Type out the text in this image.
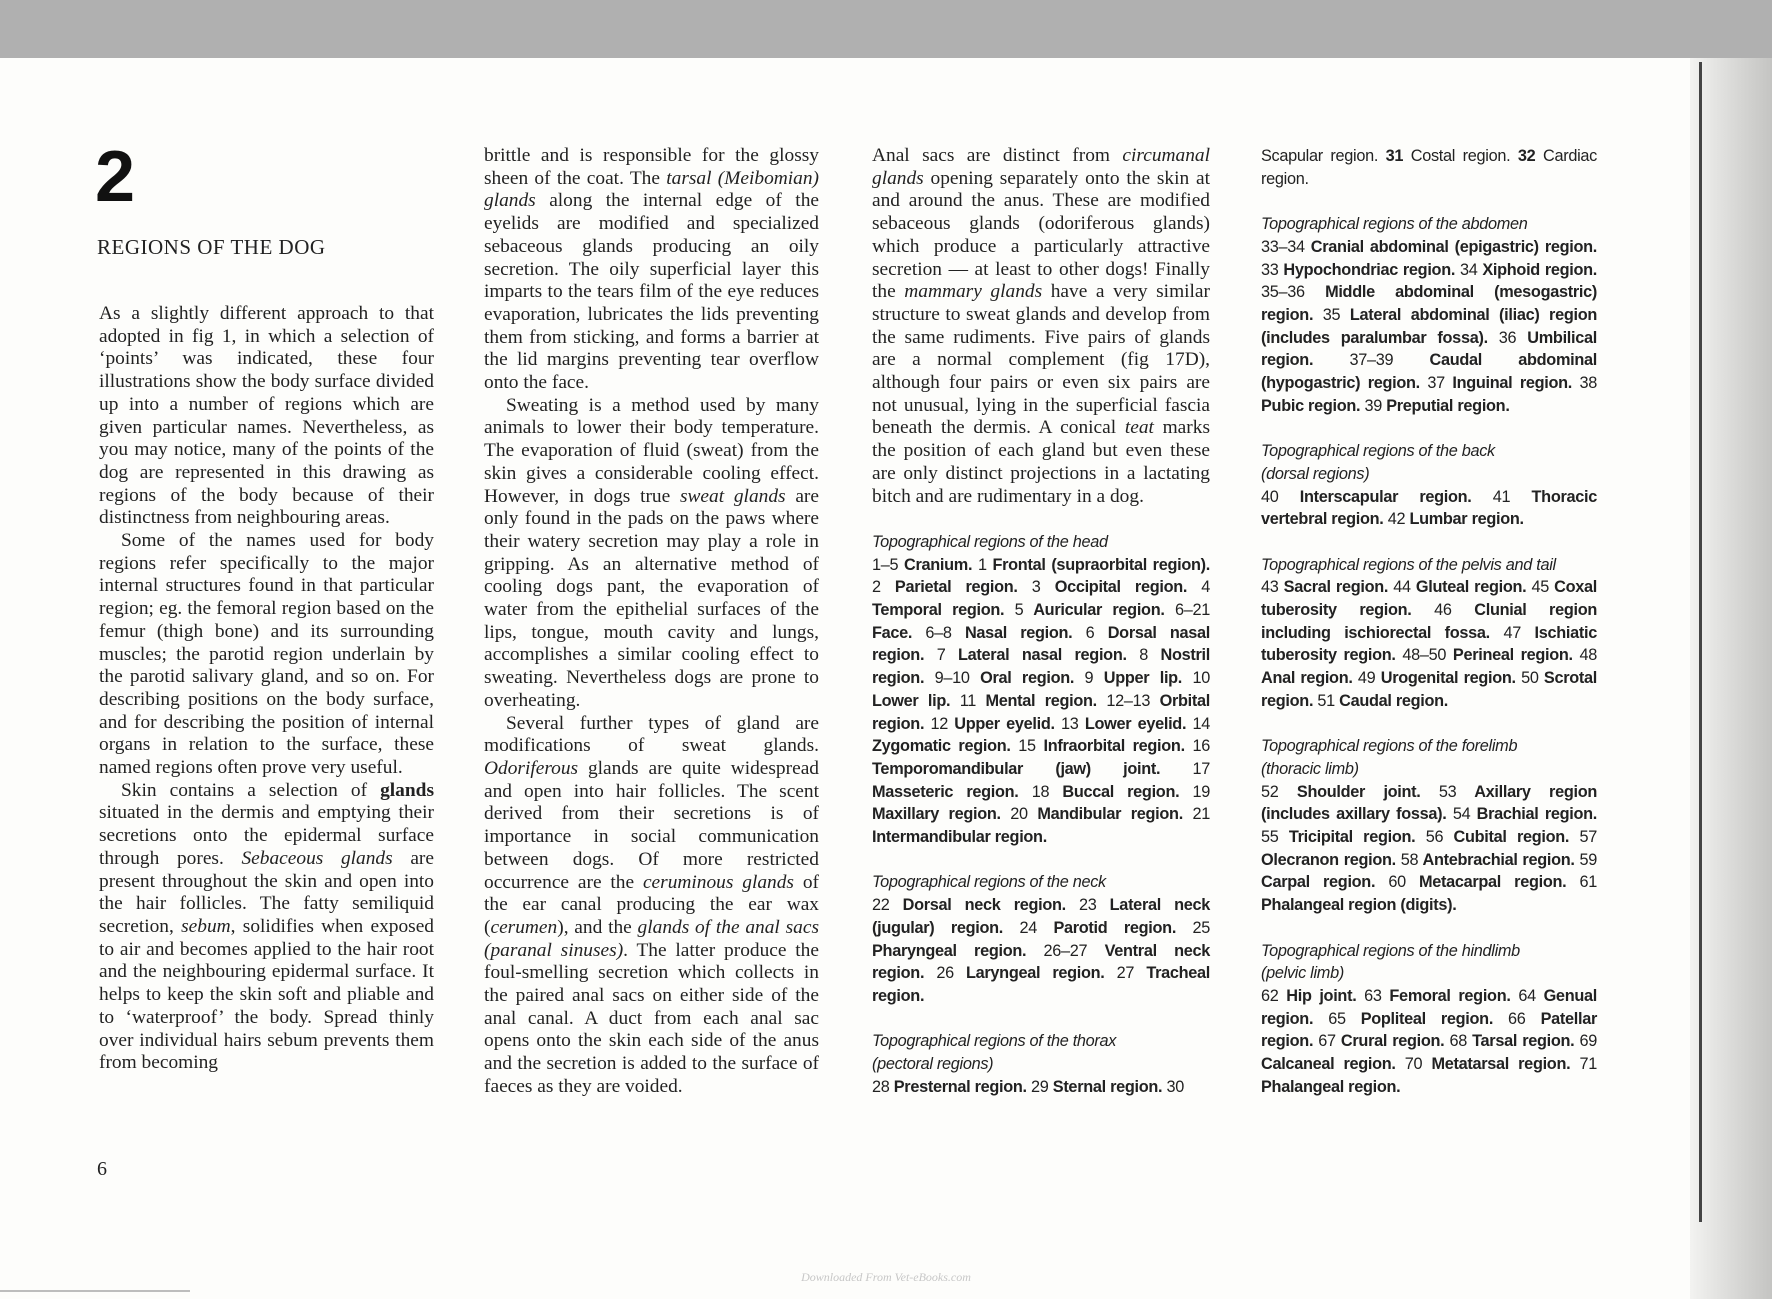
2
REGIONS OF THE DOG

As a slightly different approach to that adopted in fig 1, in which a selection of ‘points’ was indicated, these four illustrations show the body surface divided up into a number of regions which are given particular names. Nevertheless, as you may notice, many of the points of the dog are represented in this drawing as regions of the body because of their distinctness from neighbouring areas.

Some of the names used for body regions refer specifically to the major internal structures found in that particular region; eg. the femoral region based on the femur (thigh bone) and its surrounding muscles; the parotid region underlain by the parotid salivary gland, and so on. For describing positions on the body surface, and for describing the position of internal organs in relation to the surface, these named regions often prove very useful.

Skin contains a selection of glands situated in the dermis and emptying their secretions onto the epidermal surface through pores. Sebaceous glands are present throughout the skin and open into the hair follicles. The fatty semiliquid secretion, sebum, solidifies when exposed to air and becomes applied to the hair root and the neighbouring epidermal surface. It helps to keep the skin soft and pliable and to ‘waterproof’ the body. Spread thinly over individual hairs sebum prevents them from becoming

brittle and is responsible for the glossy sheen of the coat. The tarsal (Meibomian) glands along the internal edge of the eyelids are modified and specialized sebaceous glands producing an oily secretion. The oily superficial layer this imparts to the tears film of the eye reduces evaporation, lubricates the lids preventing them from sticking, and forms a barrier at the lid margins preventing tear overflow onto the face.

Sweating is a method used by many animals to lower their body temperature. The evaporation of fluid (sweat) from the skin gives a considerable cooling effect. However, in dogs true sweat glands are only found in the pads on the paws where their watery secretion may play a role in gripping. As an alternative method of cooling dogs pant, the evaporation of water from the epithelial surfaces of the lips, tongue, mouth cavity and lungs, accomplishes a similar cooling effect to sweating. Nevertheless dogs are prone to overheating.

Several further types of gland are modifications of sweat glands. Odoriferous glands are quite widespread and open into hair follicles. The scent derived from their secretions is of importance in social communication between dogs. Of more restricted occurrence are the ceruminous glands of the ear canal producing the ear wax (cerumen), and the glands of the anal sacs (paranal sinuses). The latter produce the foul-smelling secretion which collects in the paired anal sacs on either side of the anal canal. A duct from each anal sac opens onto the skin each side of the anus and the secretion is added to the surface of faeces as they are voided.

Anal sacs are distinct from circumanal glands opening separately onto the skin at and around the anus. These are modified sebaceous glands (odoriferous glands) which produce a particularly attractive secretion — at least to other dogs! Finally the mammary glands have a very similar structure to sweat glands and develop from the same rudiments. Five pairs of glands are a normal complement (fig 17D), although four pairs or even six pairs are not unusual, lying in the superficial fascia beneath the dermis. A conical teat marks the position of each gland but even these are only distinct projections in a lactating bitch and are rudimentary in a dog.

Topographical regions of the head

1–5 Cranium. 1 Frontal (supraorbital region). 2 Parietal region. 3 Occipital region. 4 Temporal region. 5 Auricular region. 6–21 Face. 6–8 Nasal region. 6 Dorsal nasal region. 7 Lateral nasal region. 8 Nostril region. 9–10 Oral region. 9 Upper lip. 10 Lower lip. 11 Mental region. 12–13 Orbital region. 12 Upper eyelid. 13 Lower eyelid. 14 Zygomatic region. 15 Infraorbital region. 16 Temporomandibular (jaw) joint. 17 Masseteric region. 18 Buccal region. 19 Maxillary region. 20 Mandibular region. 21 Intermandibular region.

Topographical regions of the neck

22 Dorsal neck region. 23 Lateral neck (jugular) region. 24 Parotid region. 25 Pharyngeal region. 26–27 Ventral neck region. 26 Laryngeal region. 27 Tracheal region.

Topographical regions of the thorax
(pectoral regions)

28 Presternal region. 29 Sternal region. 30

Scapular region. 31 Costal region. 32 Cardiac region.

Topographical regions of the abdomen

33–34 Cranial abdominal (epigastric) region. 33 Hypochondriac region. 34 Xiphoid region. 35–36 Middle abdominal (mesogastric) region. 35 Lateral abdominal (iliac) region (includes paralumbar fossa). 36 Umbilical region. 37–39 Caudal abdominal (hypogastric) region. 37 Inguinal region. 38 Pubic region. 39 Preputial region.

Topographical regions of the back
(dorsal regions)

40 Interscapular region. 41 Thoracic vertebral region. 42 Lumbar region.

Topographical regions of the pelvis and tail

43 Sacral region. 44 Gluteal region. 45 Coxal tuberosity region. 46 Clunial region including ischiorectal fossa. 47 Ischiatic tuberosity region. 48–50 Perineal region. 48 Anal region. 49 Urogenital region. 50 Scrotal region. 51 Caudal region.

Topographical regions of the forelimb
(thoracic limb)

52 Shoulder joint. 53 Axillary region (includes axillary fossa). 54 Brachial region. 55 Tricipital region. 56 Cubital region. 57 Olecranon region. 58 Antebrachial region. 59 Carpal region. 60 Metacarpal region. 61 Phalangeal region (digits).

Topographical regions of the hindlimb
(pelvic limb)

62 Hip joint. 63 Femoral region. 64 Genual region. 65 Popliteal region. 66 Patellar region. 67 Crural region. 68 Tarsal region. 69 Calcaneal region. 70 Metatarsal region. 71 Phalangeal region.

6
Downloaded From Vet-eBooks.com
